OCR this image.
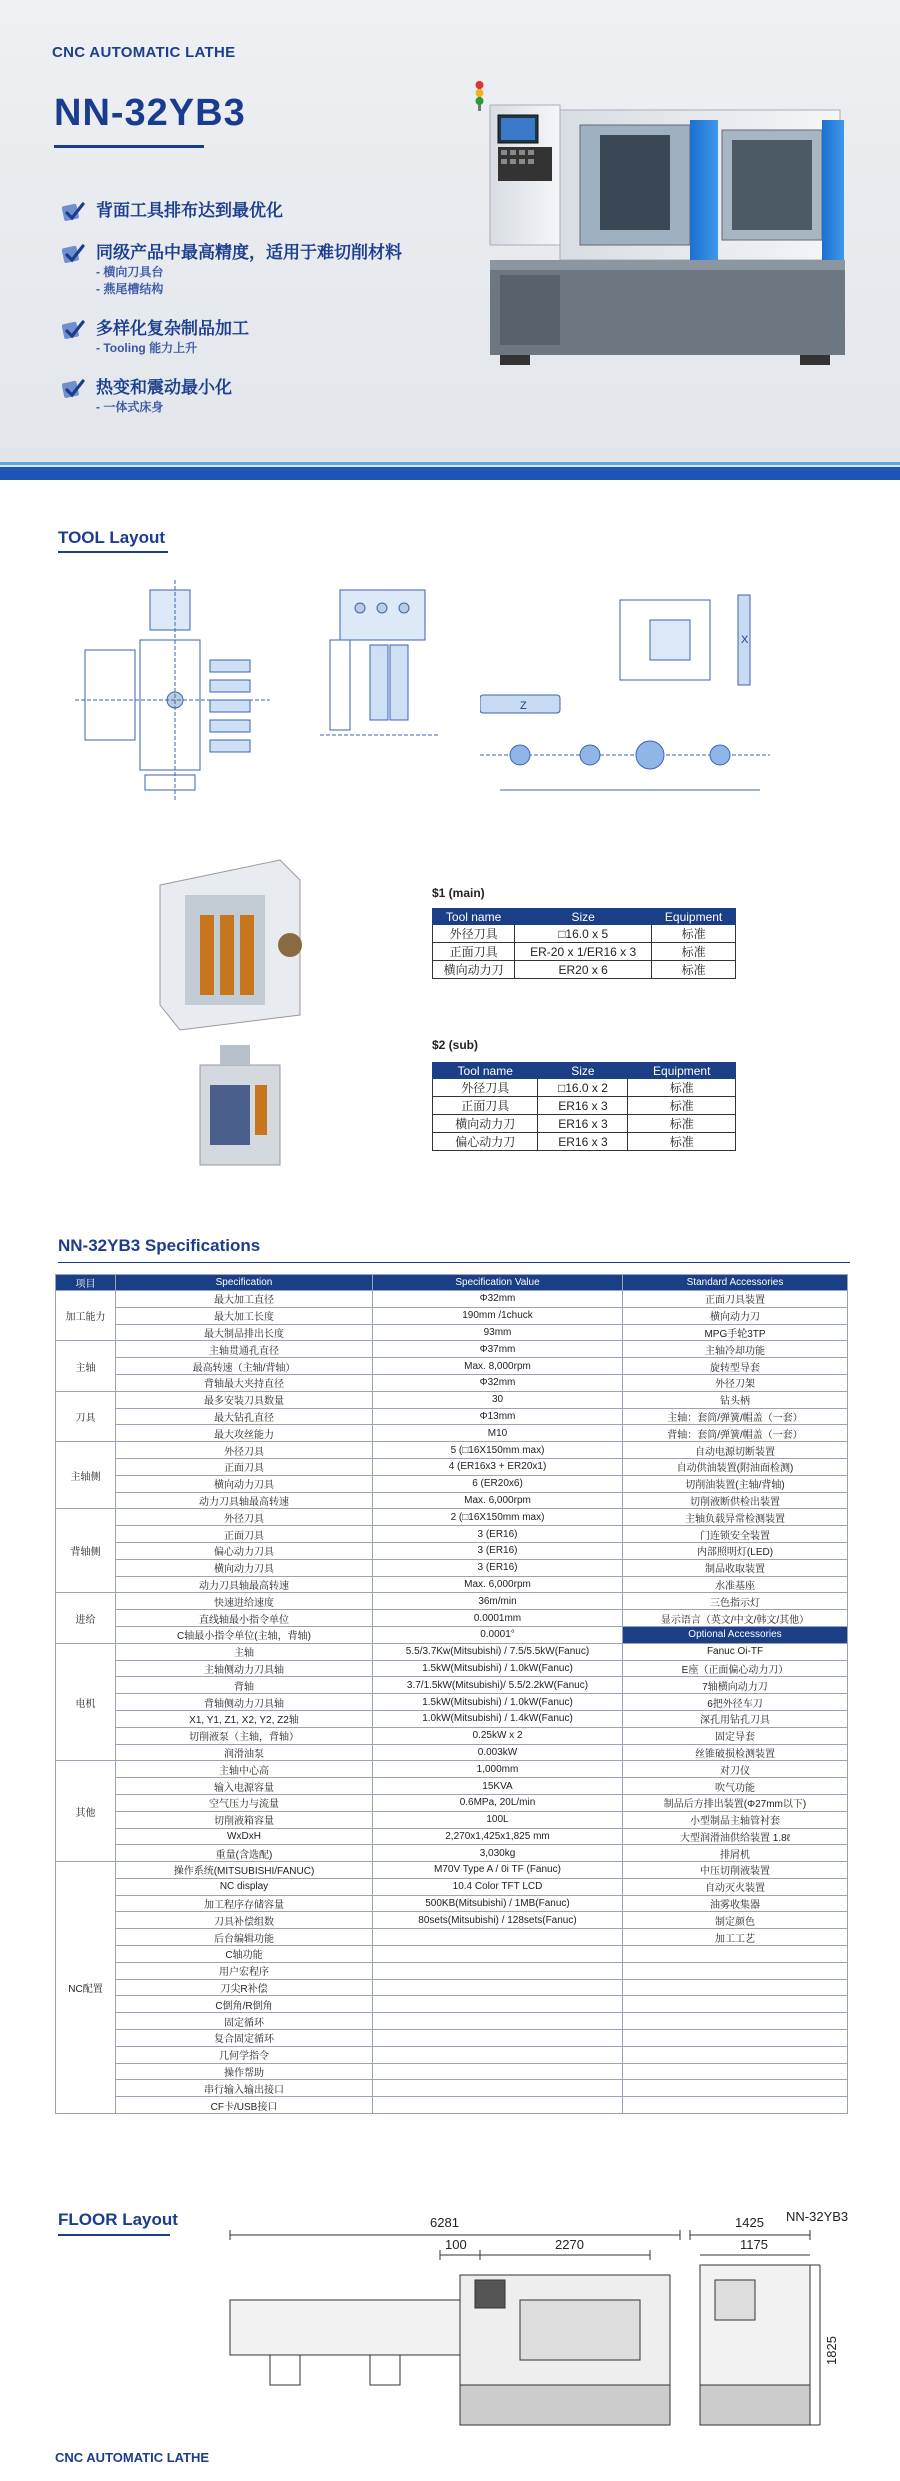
CNC AUTOMATIC LATHE
NN-32YB3
背面工具排布达到最优化
同级产品中最高精度，适用于难切削材料
- 横向刀具台
- 燕尾槽结构
多样化复杂制品加工
- Tooling 能力上升
热变和震动最小化
- 一体式床身
TOOL Layout
Z
X
$1 (main)
Tool name	Size	Equipment
外径刀具	□16.0 x 5	标准
正面刀具	ER-20 x 1/ER16 x 3	标准
横向动力刀	ER20 x 6	标准
$2 (sub)
Tool name	Size	Equipment
外径刀具	□16.0 x 2	标准
正面刀具	ER16 x 3	标准
横向动力刀	ER16 x 3	标准
偏心动力刀	ER16 x 3	标准
NN-32YB3 Specifications
项目	Specification	Specification Value	Standard Accessories
加工能力	最大加工直径	Φ32mm	正面刀具装置
	最大加工长度	190mm /1chuck	横向动力刀
	最大制品排出长度	93mm	MPG手轮3TP
主轴	主轴贯通孔直径	Φ37mm	主轴冷却功能
	最高转速（主轴/背轴）	Max. 8,000rpm	旋转型导套
	背轴最大夹持直径	Φ32mm	外径刀架
刀具	最多安装刀具数量	30	钻头柄
	最大钻孔直径	Φ13mm	主轴：套筒/弹簧/帽盖（一套）
	最大攻丝能力	M10	背轴：套筒/弹簧/帽盖（一套）
主轴侧	外径刀具	5 (□16X150mm max)	自动电源切断装置
	正面刀具	4 (ER16x3 + ER20x1)	自动供油装置(附油面检测)
	横向动力刀具	6 (ER20x6)	切削油装置(主轴/背轴)
	动力刀具轴最高转速	Max. 6,000rpm	切削液断供检出装置
背轴侧	外径刀具	2 (□16X150mm max)	主轴负载异常检测装置
	正面刀具	3 (ER16)	门连锁安全装置
	偏心动力刀具	3 (ER16)	内部照明灯(LED)
	横向动力刀具	3 (ER16)	制品收取装置
	动力刀具轴最高转速	Max. 6,000rpm	水准基座
进给	快速进给速度	36m/min	三色指示灯
	直线轴最小指令单位	0.0001mm	显示语言（英文/中文/韩文/其他）
	C轴最小指令单位(主轴，背轴)	0.0001°	Optional Accessories
电机	主轴	5.5/3.7Kw(Mitsubishi) / 7.5/5.5kW(Fanuc)	Fanuc Oi-TF
	主轴侧动力刀具轴	1.5kW(Mitsubishi) / 1.0kW(Fanuc)	E座（正面偏心动力刀）
	背轴	3.7/1.5kW(Mitsubishi)/ 5.5/2.2kW(Fanuc)	7轴横向动力刀
	背轴侧动力刀具轴	1.5kW(Mitsubishi) / 1.0kW(Fanuc)	6把外径车刀
	X1, Y1, Z1, X2, Y2, Z2轴	1.0kW(Mitsubishi) / 1.4kW(Fanuc)	深孔用钻孔刀具
	切削液泵（主轴，背轴）	0.25kW x 2	固定导套
	润滑油泵	0.003kW	丝锥破损检测装置
其他	主轴中心高	1,000mm	对刀仪
	输入电源容量	15KVA	吹气功能
	空气压力与流量	0.6MPa, 20L/min	制品后方排出装置(Φ27mm以下)
	切削液箱容量	100L	小型制品主轴管衬套
	WxDxH	2,270x1,425x1,825 mm	大型润滑油供给装置 1.8ℓ
	重量(含选配)	3,030kg	排屑机
NC配置	操作系统(MITSUBISHI/FANUC)	M70V Type A / 0i TF (Fanuc)	中压切削液装置
	NC display	10.4 Color TFT LCD	自动灭火装置
	加工程序存储容量	500KB(Mitsubishi) / 1MB(Fanuc)	油雾收集器
	刀具补偿组数	80sets(Mitsubishi) / 128sets(Fanuc)	制定颜色
	后台编辑功能		加工工艺
	C轴功能		
	用户宏程序		
	刀尖R补偿		
	C倒角/R倒角		
	固定循环		
	复合固定循环		
	几何学指令		
	操作帮助		
	串行输入输出接口		
	CF卡/USB接口		
FLOOR Layout	6281
100	2270
1425
1175
NN-32YB3
1825
CNC AUTOMATIC LATHE
